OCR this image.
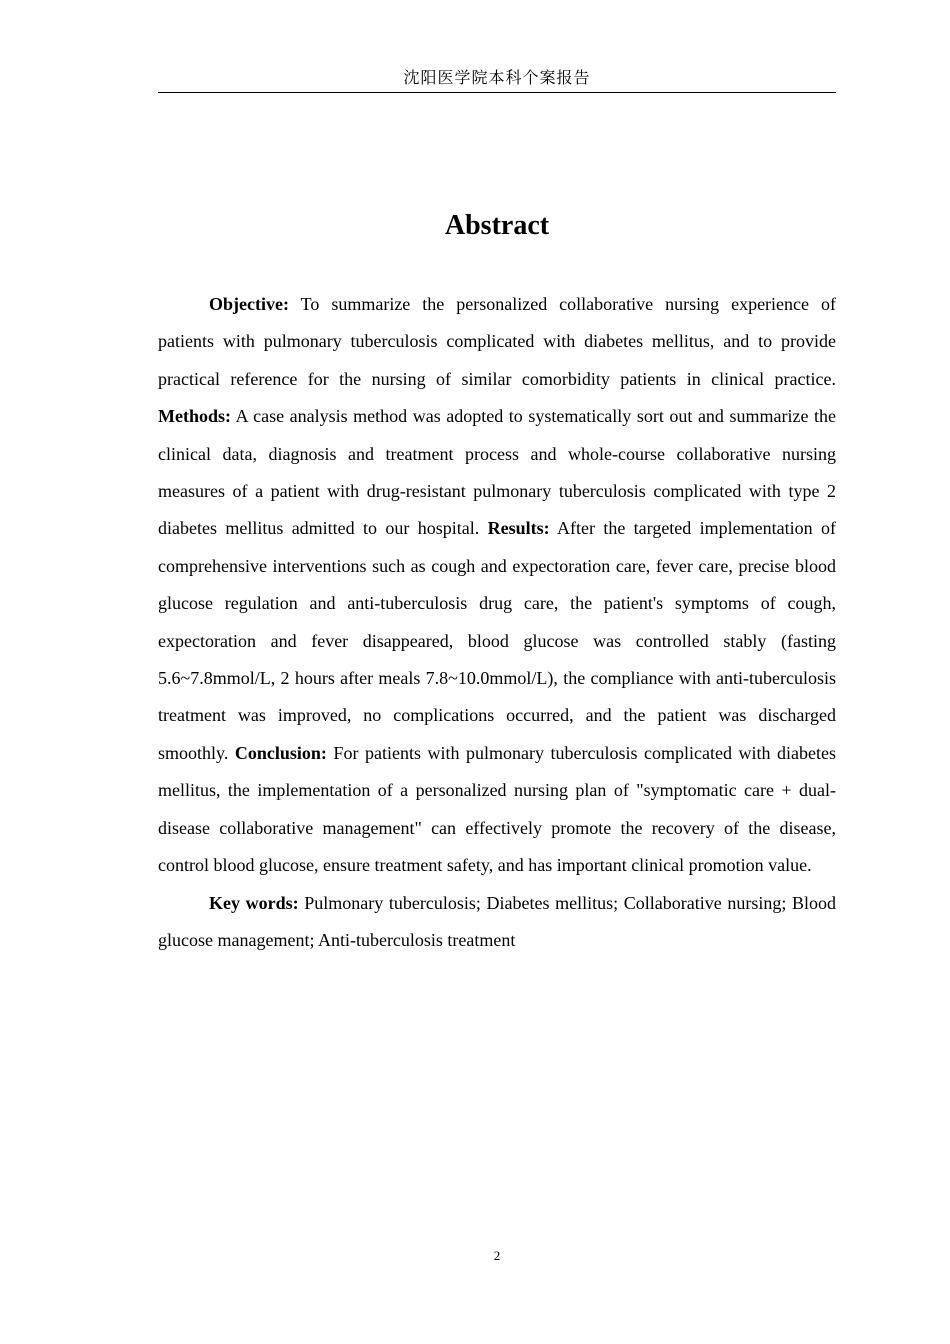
沈阳医学院本科个案报告
Abstract

Objective: To summarize the personalized collaborative nursing experience of patients with pulmonary tuberculosis complicated with diabetes mellitus, and to provide practical reference for the nursing of similar comorbidity patients in clinical practice. Methods: A case analysis method was adopted to systematically sort out and summarize the clinical data, diagnosis and treatment process and whole-course collaborative nursing measures of a patient with drug-resistant pulmonary tuberculosis complicated with type 2 diabetes mellitus admitted to our hospital. Results: After the targeted implementation of comprehensive interventions such as cough and expectoration care, fever care, precise blood glucose regulation and anti-tuberculosis drug care, the patient's symptoms of cough, expectoration and fever disappeared, blood glucose was controlled stably (fasting 5.6~7.8mmol/L, 2 hours after meals 7.8~10.0mmol/L), the compliance with anti-tuberculosis treatment was improved, no complications occurred, and the patient was discharged smoothly. Conclusion: For patients with pulmonary tuberculosis complicated with diabetes mellitus, the implementation of a personalized nursing plan of "symptomatic care + dual-disease collaborative management" can effectively promote the recovery of the disease, control blood glucose, ensure treatment safety, and has important clinical promotion value.

Key words: Pulmonary tuberculosis; Diabetes mellitus; Collaborative nursing; Blood glucose management; Anti-tuberculosis treatment

2
